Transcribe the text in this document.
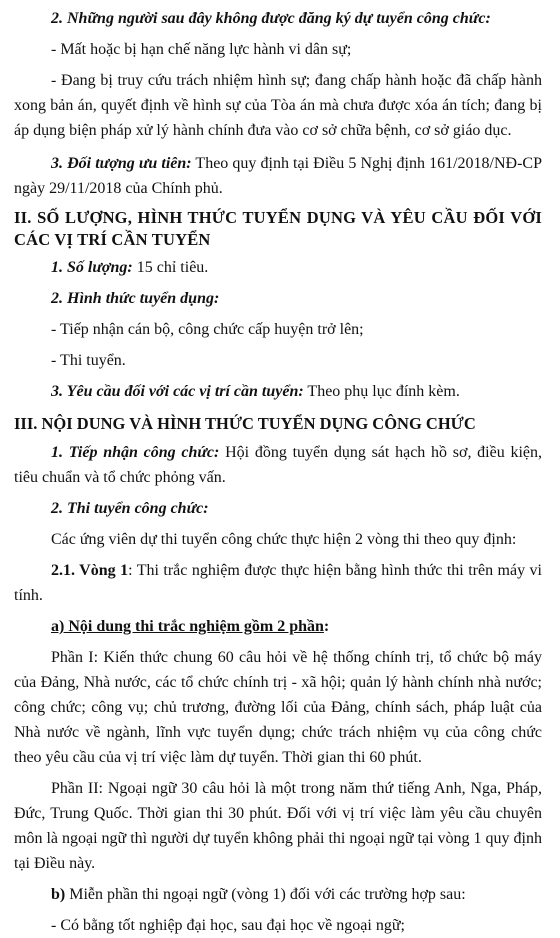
2. Những người sau đây không được đăng ký dự tuyển công chức:

- Mất hoặc bị hạn chế năng lực hành vi dân sự;

- Đang bị truy cứu trách nhiệm hình sự; đang chấp hành hoặc đã chấp hành xong bản án, quyết định về hình sự của Tòa án mà chưa được xóa án tích; đang bị áp dụng biện pháp xử lý hành chính đưa vào cơ sở chữa bệnh, cơ sở giáo dục.

3. Đối tượng ưu tiên: Theo quy định tại Điều 5 Nghị định 161/2018/NĐ-CP ngày 29/11/2018 của Chính phủ.

II. SỐ LƯỢNG, HÌNH THỨC TUYỂN DỤNG VÀ YÊU CẦU ĐỐI VỚI CÁC VỊ TRÍ CẦN TUYỂN

1. Số lượng: 15 chỉ tiêu.

2. Hình thức tuyển dụng:

- Tiếp nhận cán bộ, công chức cấp huyện trở lên;

- Thi tuyển.

3. Yêu cầu đối với các vị trí cần tuyển: Theo phụ lục đính kèm.

III. NỘI DUNG VÀ HÌNH THỨC TUYỂN DỤNG CÔNG CHỨC

1. Tiếp nhận công chức: Hội đồng tuyển dụng sát hạch hồ sơ, điều kiện, tiêu chuẩn và tổ chức phỏng vấn.

2. Thi tuyển công chức:

Các ứng viên dự thi tuyển công chức thực hiện 2 vòng thi theo quy định:

2.1. Vòng 1: Thi trắc nghiệm được thực hiện bằng hình thức thi trên máy vi tính.

a) Nội dung thi trắc nghiệm gồm 2 phần:

Phần I: Kiến thức chung 60 câu hỏi về hệ thống chính trị, tổ chức bộ máy của Đảng, Nhà nước, các tổ chức chính trị - xã hội; quản lý hành chính nhà nước; công chức; công vụ; chủ trương, đường lối của Đảng, chính sách, pháp luật của Nhà nước về ngành, lĩnh vực tuyển dụng; chức trách nhiệm vụ của công chức theo yêu cầu của vị trí việc làm dự tuyển. Thời gian thi 60 phút.

Phần II: Ngoại ngữ 30 câu hỏi là một trong năm thứ tiếng Anh, Nga, Pháp, Đức, Trung Quốc. Thời gian thi 30 phút. Đối với vị trí việc làm yêu cầu chuyên môn là ngoại ngữ thì người dự tuyển không phải thi ngoại ngữ tại vòng 1 quy định tại Điều này.

b) Miễn phần thi ngoại ngữ (vòng 1) đối với các trường hợp sau:

- Có bằng tốt nghiệp đại học, sau đại học về ngoại ngữ;
